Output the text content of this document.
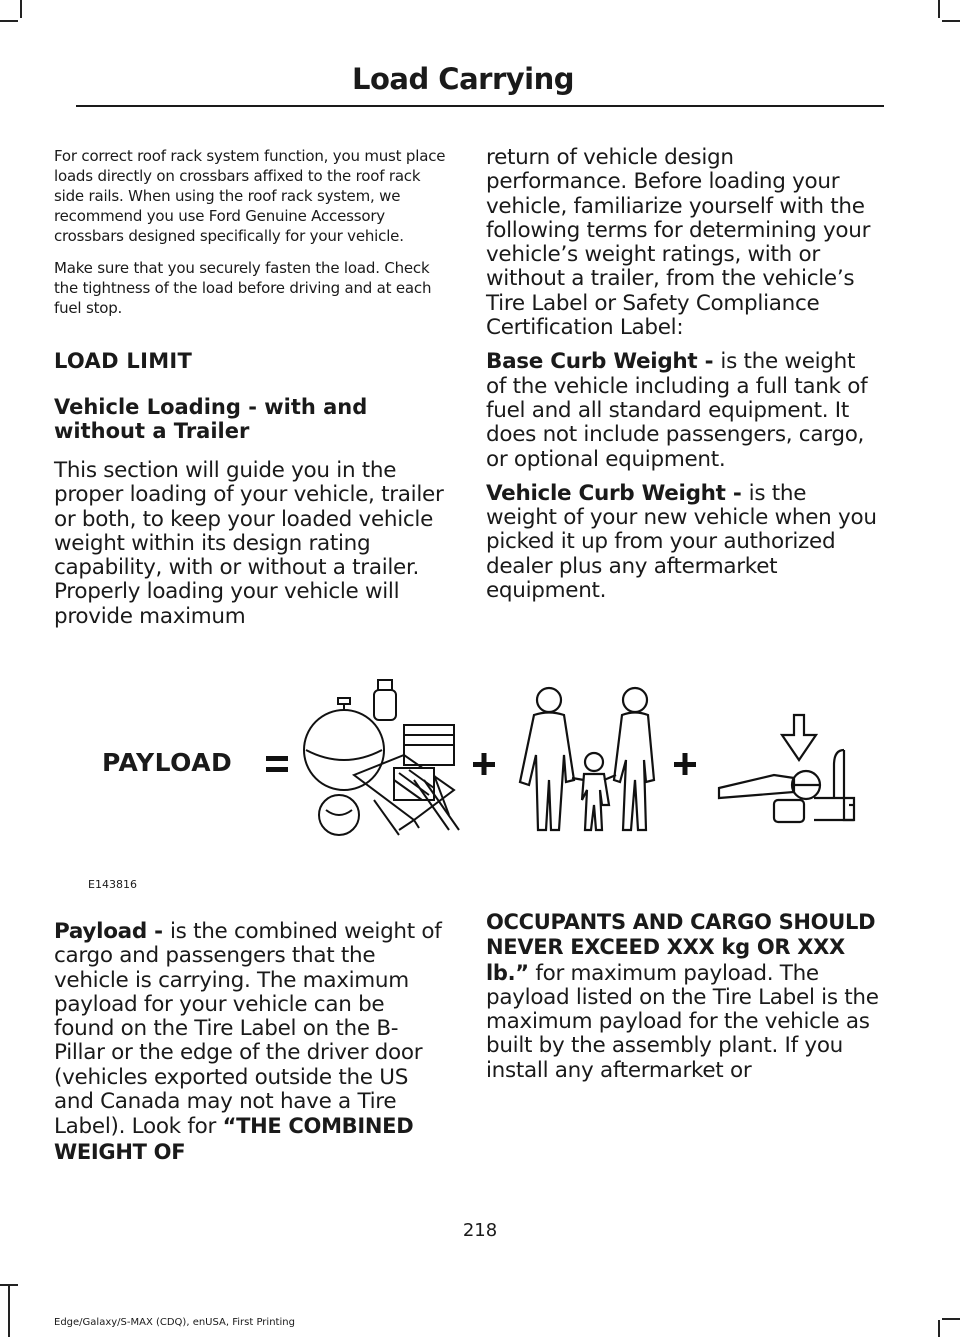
Load Carrying

For correct roof rack system function, you must place loads directly on crossbars affixed to the roof rack side rails. When using the roof rack system, we recommend you use Ford Genuine Accessory crossbars designed specifically for your vehicle.

Make sure that you securely fasten the load. Check the tightness of the load before driving and at each fuel stop.

LOAD LIMIT

Vehicle Loading - with and without a Trailer

This section will guide you in the proper loading of your vehicle, trailer or both, to keep your loaded vehicle weight within its design rating capability, with or without a trailer. Properly loading your vehicle will provide maximum

return of vehicle design performance. Before loading your vehicle, familiarize yourself with the following terms for determining your vehicle’s weight ratings, with or without a trailer, from the vehicle’s Tire Label or Safety Compliance Certification Label:

Base Curb Weight - is the weight of the vehicle including a full tank of fuel and all standard equipment. It does not include passengers, cargo, or optional equipment.

Vehicle Curb Weight - is the weight of your new vehicle when you picked it up from your authorized dealer plus any aftermarket equipment.

PAYLOAD
E143816

Payload - is the combined weight of cargo and passengers that the vehicle is carrying. The maximum payload for your vehicle can be found on the Tire Label on the B-Pillar or the edge of the driver door (vehicles exported outside the US and Canada may not have a Tire Label). Look for “THE COMBINED WEIGHT OF

OCCUPANTS AND CARGO SHOULD NEVER EXCEED XXX kg OR XXX lb.” for maximum payload. The payload listed on the Tire Label is the maximum payload for the vehicle as built by the assembly plant. If you install any aftermarket or

218
Edge/Galaxy/S-MAX (CDQ), enUSA, First Printing
